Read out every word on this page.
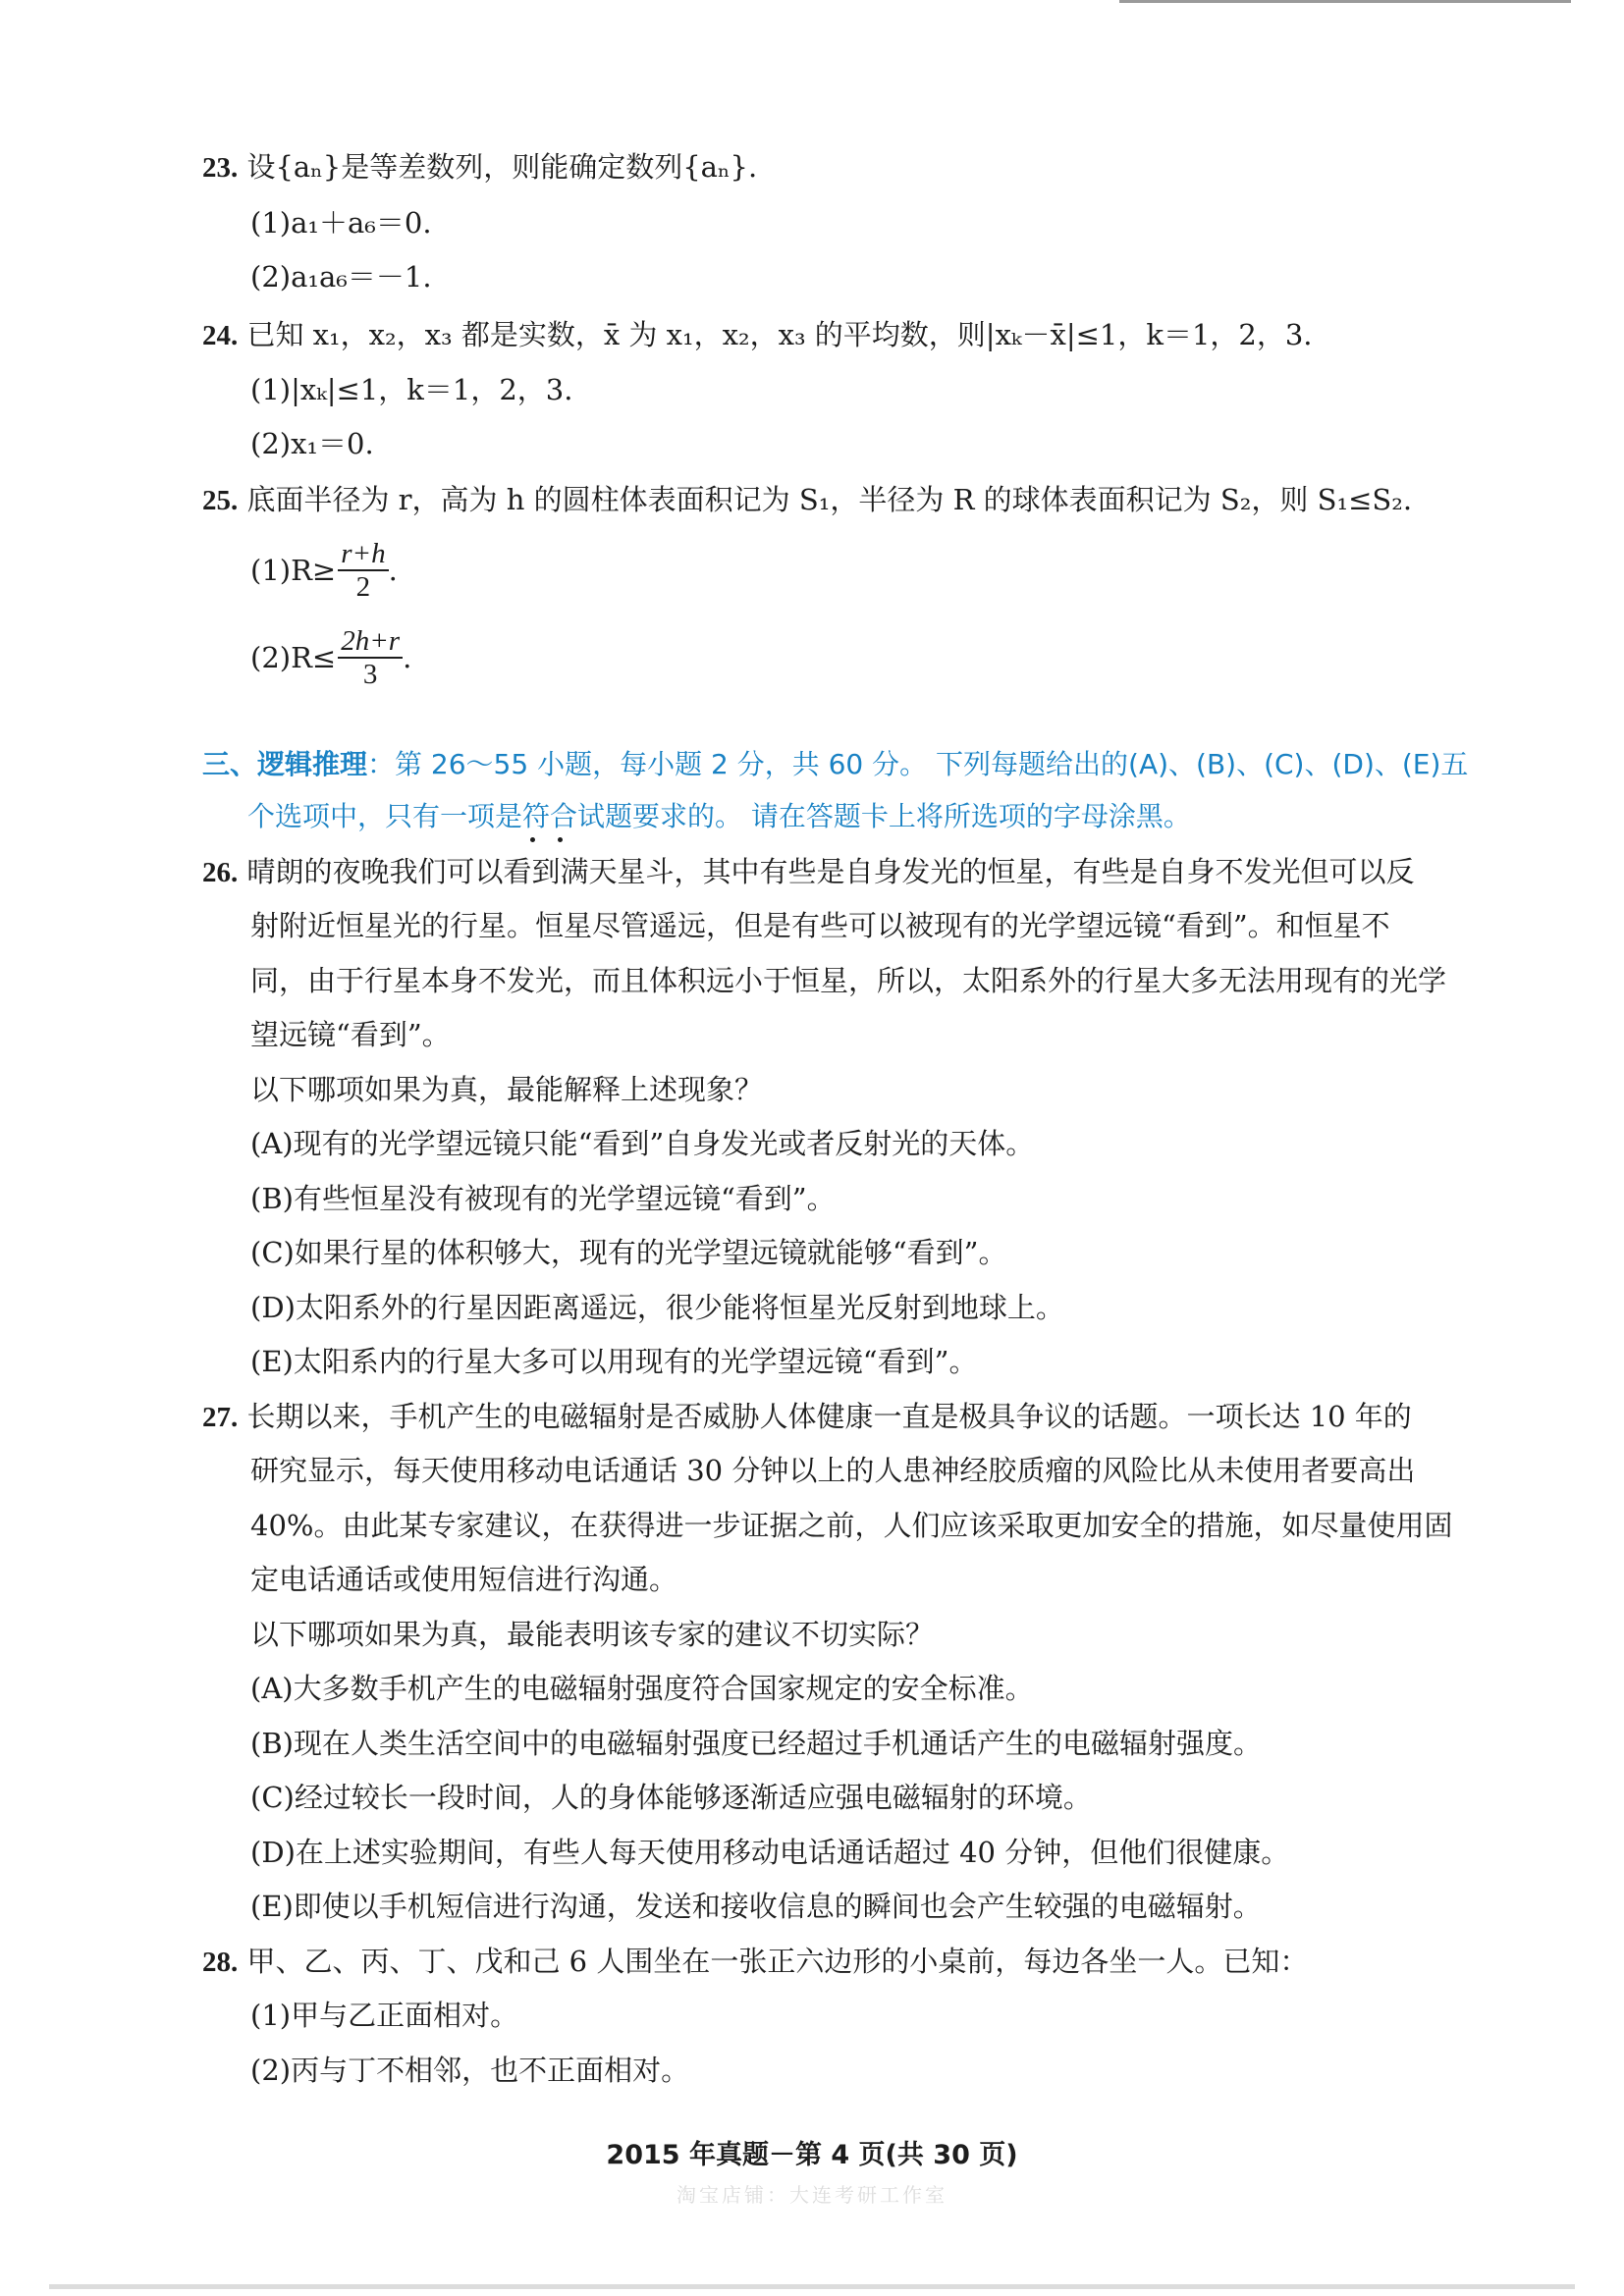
23. 设{aₙ}是等差数列，则能确定数列{aₙ}.
(1)a₁＋a₆＝0.
(2)a₁a₆＝－1.
24. 已知 x₁，x₂，x₃ 都是实数，x̄ 为 x₁，x₂，x₃ 的平均数，则|xₖ－x̄|≤1，k＝1，2，3.
(1)|xₖ|≤1，k＝1，2，3.
(2)x₁＝0.
25. 底面半径为 r，高为 h 的圆柱体表面积记为 S₁，半径为 R 的球体表面积记为 S₂，则 S₁≤S₂.
$(1)R\ge \frac{r+h}{2}$ .
$(2)R\le \frac{2h+r}{3}$ .
三、逻辑推理：第 26～55 小题，每小题 2 分，共 60 分。 下列每题给出的(A)、(B)、(C)、(D)、(E)五
个选项中，只有一项是符合
试题要求的。 请在答题卡上将所选项的字母涂黑。
26. 晴朗的夜晚我们可以看到满天星斗，其中有些是自身发光的恒星，有些是自身不发光但可以反
射附近恒星光的行星。恒星尽管遥远，但是有些可以被现有的光学望远镜“看到”。和恒星不
同，由于行星本身不发光，而且体积远小于恒星，所以，太阳系外的行星大多无法用现有的光学
望远镜“看到”。
以下哪项如果为真，最能解释上述现象？
(A)现有的光学望远镜只能“看到”自身发光或者反射光的天体。
(B)有些恒星没有被现有的光学望远镜“看到”。
(C)如果行星的体积够大，现有的光学望远镜就能够“看到”。
(D)太阳系外的行星因距离遥远，很少能将恒星光反射到地球上。
(E)太阳系内的行星大多可以用现有的光学望远镜“看到”。
27. 长期以来，手机产生的电磁辐射是否威胁人体健康一直是极具争议的话题。一项长达 10 年的
研究显示，每天使用移动电话通话 30 分钟以上的人患神经胶质瘤的风险比从未使用者要高出
40%。由此某专家建议，在获得进一步证据之前，人们应该采取更加安全的措施，如尽量使用固
定电话通话或使用短信进行沟通。
以下哪项如果为真，最能表明该专家的建议不切实际？
(A)大多数手机产生的电磁辐射强度符合国家规定的安全标准。
(B)现在人类生活空间中的电磁辐射强度已经超过手机通话产生的电磁辐射强度。
(C)经过较长一段时间，人的身体能够逐渐适应强电磁辐射的环境。
(D)在上述实验期间，有些人每天使用移动电话通话超过 40 分钟，但他们很健康。
(E)即使以手机短信进行沟通，发送和接收信息的瞬间也会产生较强的电磁辐射。
28. 甲、乙、丙、丁、戊和己 6 人围坐在一张正六边形的小桌前，每边各坐一人。已知：
(1)甲与乙正面相对。
(2)丙与丁不相邻，也不正面相对。
2015 年真题－第 4 页(共 30 页)
淘宝店铺：大连考研工作室
